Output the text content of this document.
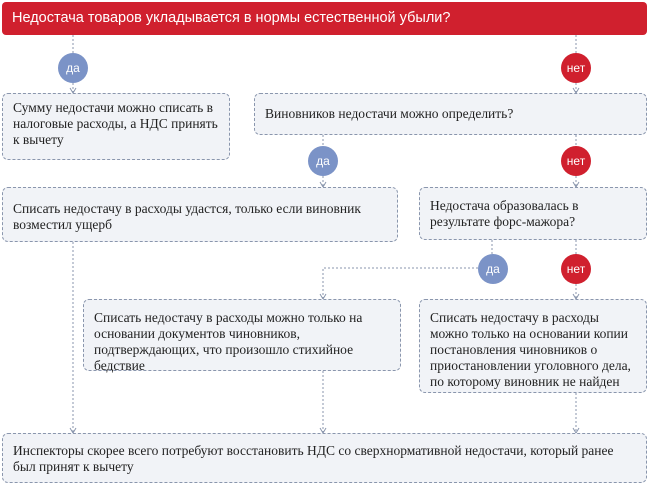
Недостача товаров укладывается в нормы естественной убыли?
да	нет
Сумму недостачи можно списать в налоговые расходы, а НДС принять к вычету
Виновников недостачи можно определить?
да	нет
Списать недостачу в расходы удастся, только если виновник возместил ущерб
Недостача образовалась в результате форс-мажора?
да	нет
Списать недостачу в расходы можно только на основании документов чиновников, подтверждающих, что произошло стихийное бедствие
Списать недостачу в расходы можно только на основании копии постановления чиновников о приостановлении уголовного дела, по которому виновник не найден
Инспекторы скорее всего потребуют восстановить НДС со сверхнормативной недостачи, который ранее был принят к вычету
